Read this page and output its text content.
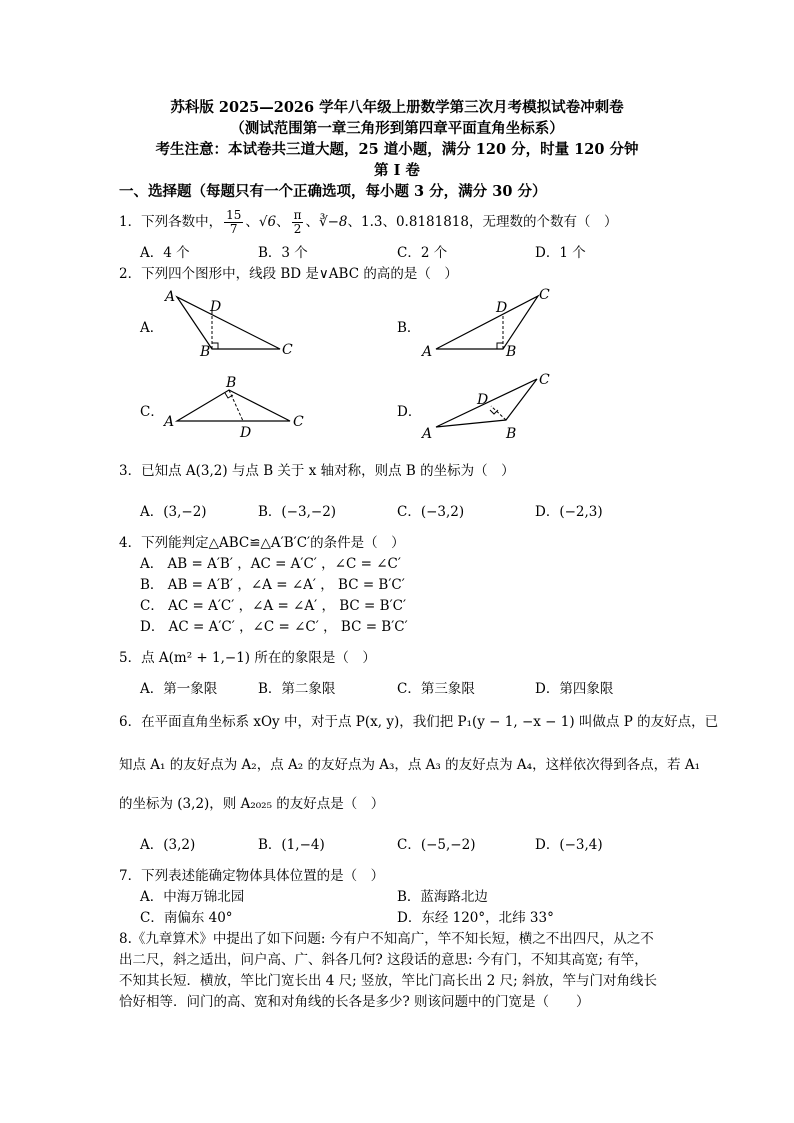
苏科版 2025—2026 学年八年级上册数学第三次月考模拟试卷冲刺卷
（测试范围第一章三角形到第四章平面直角坐标系）
考生注意：本试卷共三道大题，25 道小题，满分 120 分，时量 120 分钟
第 I 卷
一、选择题（每题只有一个正确选项，每小题 3 分，满分 30 分）
1．下列各数中， $\frac{15}{7}$ 、√6、 $\frac{\pi}{2}$ 、∛−8、1.3̇、0.8181818，无理数的个数有（　）
A．4 个	B．3 个	C．2 个	D．1 个
2．下列四个图形中，线段 BD 是∨ABC 的高的是（　）
A．	B．
C．	D．
A
D
B	C	A
D
B
C
A
B
D
C
A
D
B
C
3．已知点 A(3,2) 与点 B 关于 x 轴对称，则点 B 的坐标为（　）
A．(3,−2)	B．(−3,−2)	C．(−3,2)	D．(−2,3)
4．下列能判定△ABC≌△A′B′C′的条件是（　）
A． AB = A′B′ ，AC = A′C′ ，∠C = ∠C′
B． AB = A′B′ ，∠A = ∠A′ ， BC = B′C′
C． AC = A′C′ ，∠A = ∠A′ ， BC = B′C′
D． AC = A′C′ ，∠C = ∠C′ ， BC = B′C′
5．点 A(m² + 1,−1) 所在的象限是（　）
A．第一象限	B．第二象限	C．第三象限	D．第四象限
6．在平面直角坐标系 xOy 中，对于点 P(x, y)，我们把 P₁(y − 1, −x − 1) 叫做点 P 的友好点，已
知点 A₁ 的友好点为 A₂，点 A₂ 的友好点为 A₃，点 A₃ 的友好点为 A₄，这样依次得到各点，若 A₁
的坐标为 (3,2)，则 A₂₀₂₅ 的友好点是（　）
A．(3,2)	B．(1,−4)	C．(−5,−2)	D．(−3,4)
7．下列表述能确定物体具体位置的是（　）
A．中海万锦北园	B．蓝海路北边
C．南偏东 40°	D．东经 120°，北纬 33°
8.《九章算术》中提出了如下问题: 今有户不知高广，竿不知长短，横之不出四尺，从之不
出二尺，斜之适出，问户高、广、斜各几何? 这段话的意思: 今有门，不知其高宽; 有竿，
不知其长短．横放，竿比门宽长出 4 尺; 竖放，竿比门高长出 2 尺; 斜放，竿与门对角线长
恰好相等．问门的高、宽和对角线的长各是多少? 则该问题中的门宽是（　　）
